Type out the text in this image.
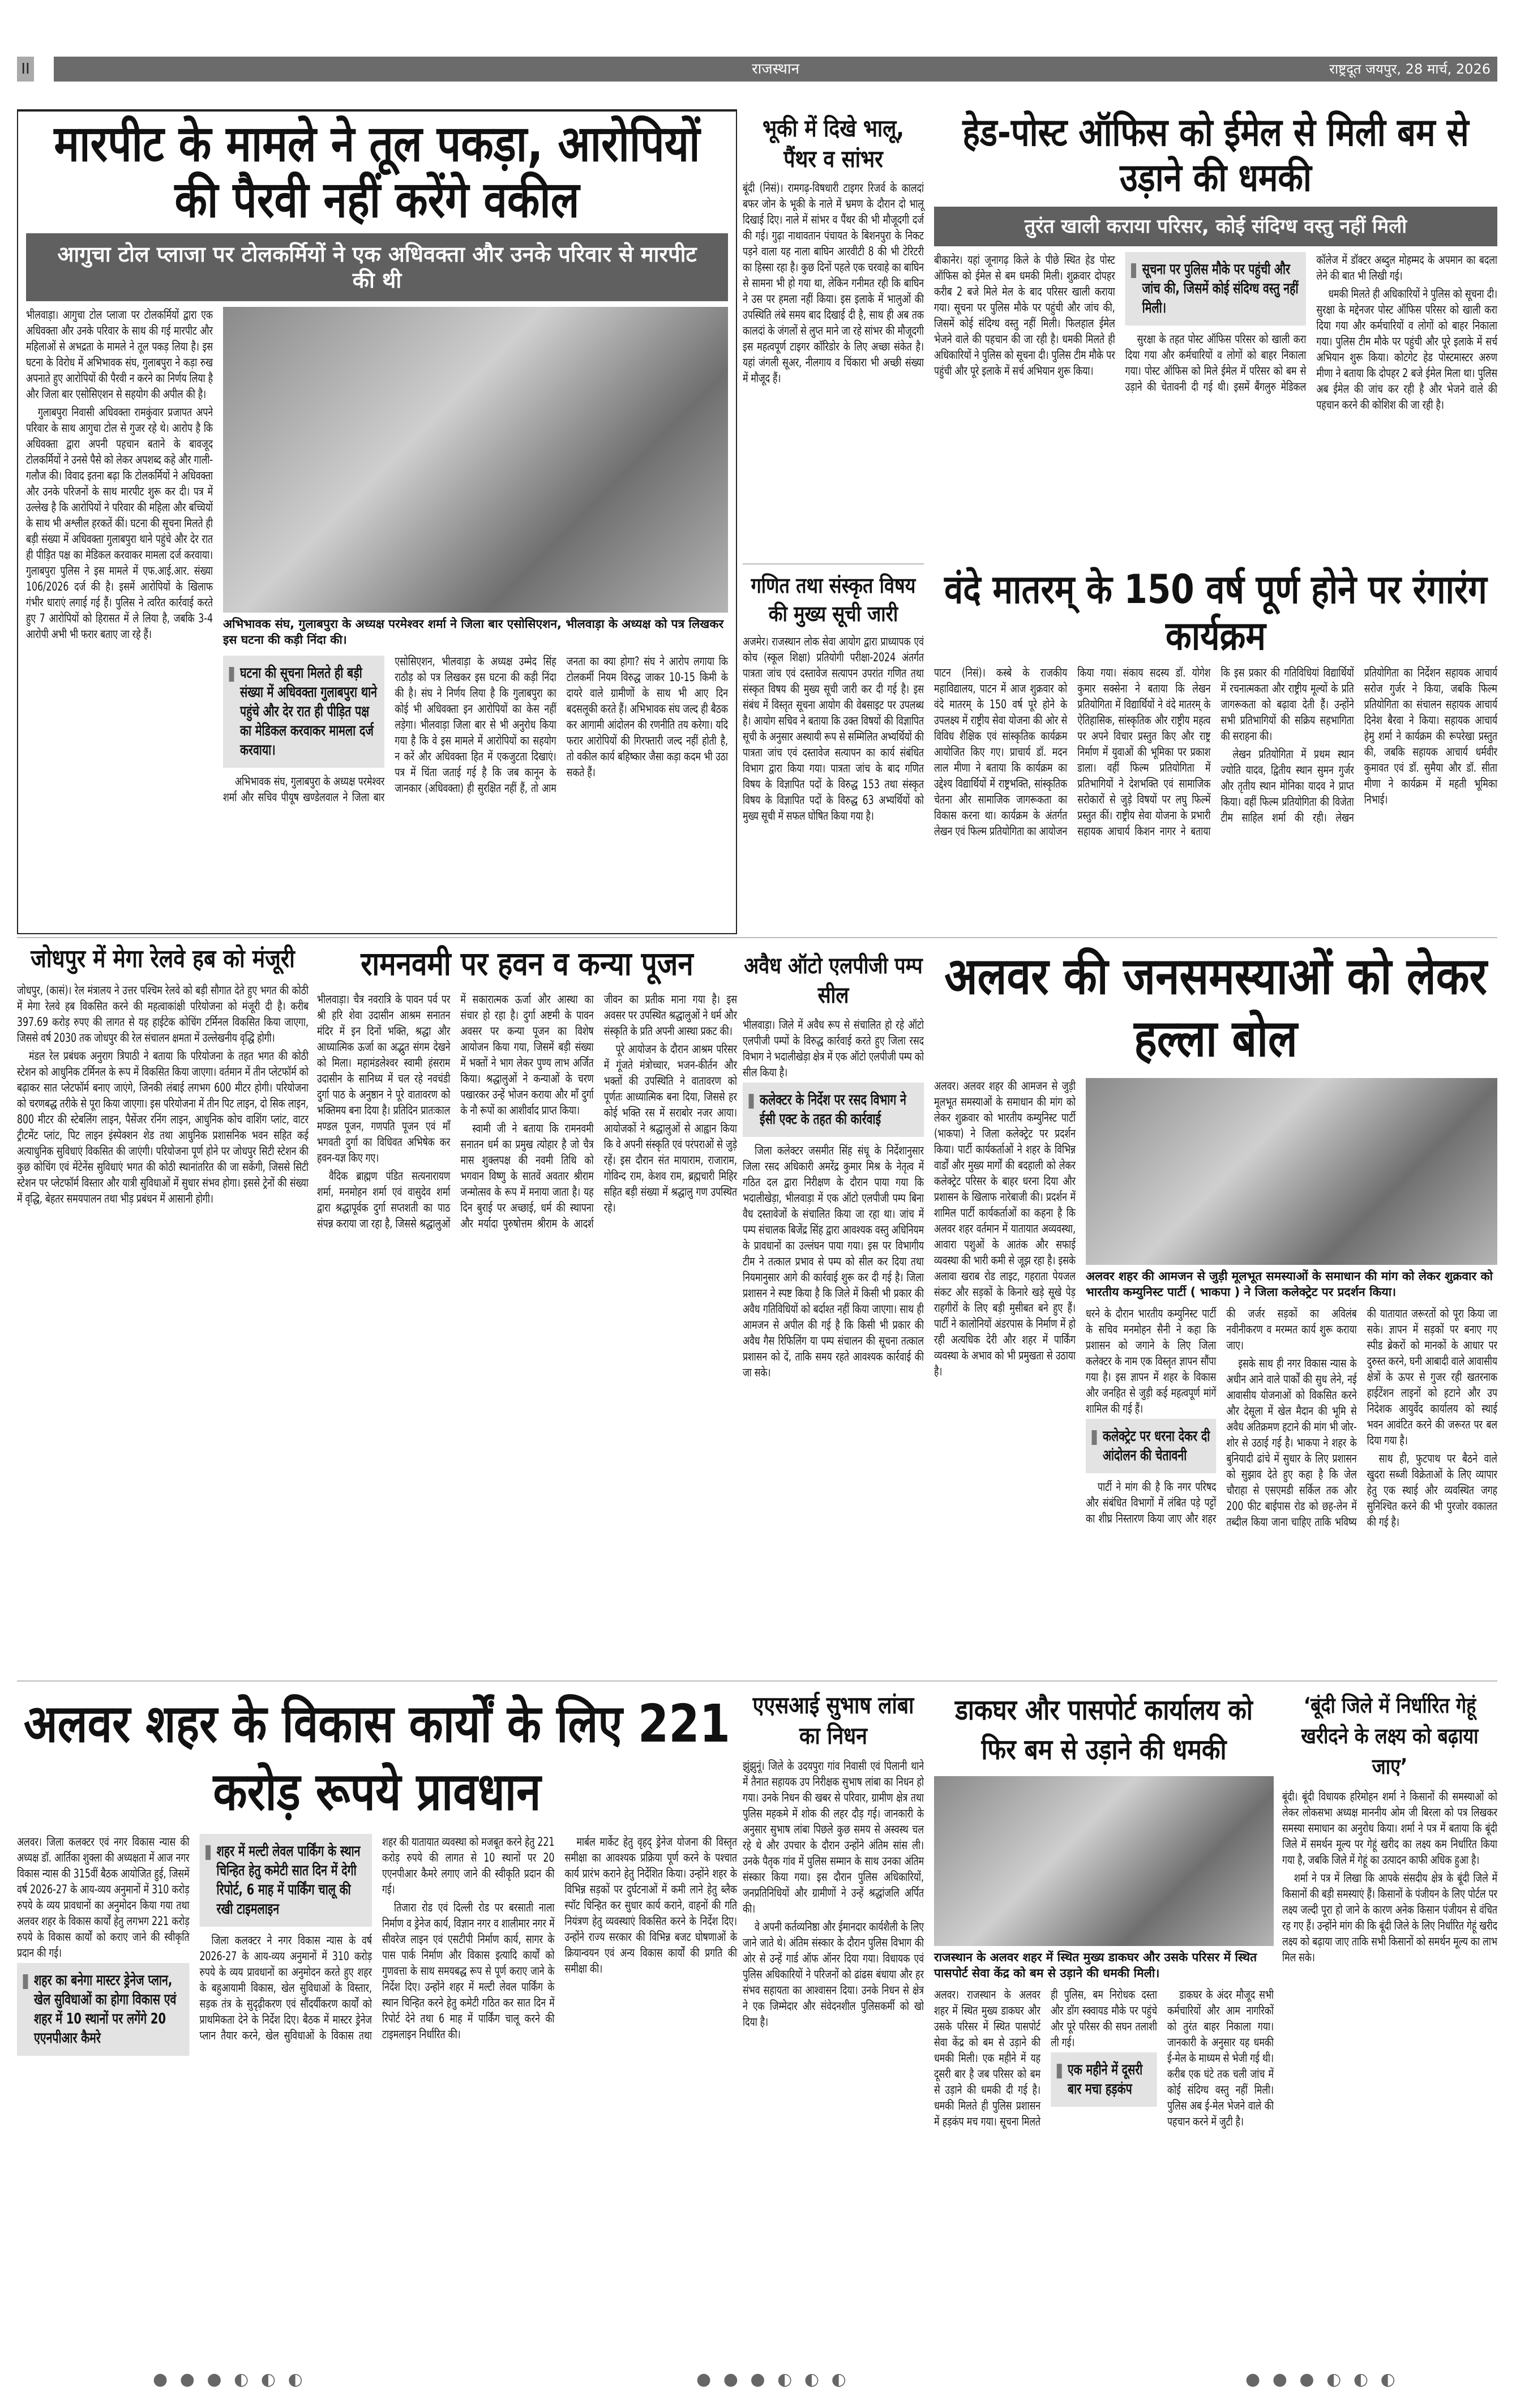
II	राजस्थान	राष्ट्रदूत जयपुर, 28 मार्च, 2026
मारपीट के मामले ने तूल पकड़ा, आरोपियों की पैरवी नहीं करेंगे वकील
आगुचा टोल प्लाजा पर टोलकर्मियों ने एक अधिवक्ता और उनके परिवार से मारपीट की थी

भीलवाड़ा। आगुचा टोल प्लाजा पर टोलकर्मियों द्वारा एक अधिवक्ता और उनके परिवार के साथ की गई मारपीट और महिलाओं से अभद्रता के मामले ने तूल पकड़ लिया है। इस घटना के विरोध में अभिभावक संघ, गुलाबपुरा ने कड़ा रुख अपनाते हुए आरोपियों की पैरवी न करने का निर्णय लिया है और जिला बार एसोसिएशन से सहयोग की अपील की है।

गुलाबपुरा निवासी अधिवक्ता रामकुंवार प्रजापत अपने परिवार के साथ आगुचा टोल से गुजर रहे थे। आरोप है कि अधिवक्ता द्वारा अपनी पहचान बताने के बावजूद टोलकर्मियों ने उनसे पैसे को लेकर अपशब्द कहे और गाली-गलौज की। विवाद इतना बढ़ा कि टोलकर्मियों ने अधिवक्ता और उनके परिजनों के साथ मारपीट शुरू कर दी। पत्र में उल्लेख है कि आरोपियों ने परिवार की महिला और बच्चियों के साथ भी अश्लील हरकतें कीं। घटना की सूचना मिलते ही बड़ी संख्या में अधिवक्ता गुलाबपुरा थाने पहुंचे और देर रात ही पीड़ित पक्ष का मेडिकल करवाकर मामला दर्ज करवाया। गुलाबपुरा पुलिस ने इस मामले में एफ.आई.आर. संख्या 106/2026 दर्ज की है। इसमें आरोपियों के खिलाफ गंभीर धाराएं लगाई गई हैं। पुलिस ने त्वरित कार्रवाई करते हुए 7 आरोपियों को हिरासत में ले लिया है, जबकि 3-4 आरोपी अभी भी फरार बताए जा रहे हैं।

अभिभावक संघ, गुलाबपुरा के अध्यक्ष परमेश्वर शर्मा ने जिला बार एसोसिएशन, भीलवाड़ा के अध्यक्ष को पत्र लिखकर इस घटना की कड़ी निंदा की।
घटना की सूचना मिलते ही बड़ी संख्या में अधिवक्ता गुलाबपुरा थाने पहुंचे और देर रात ही पीड़ित पक्ष का मेडिकल करवाकर मामला दर्ज करवाया।

अभिभावक संघ, गुलाबपुरा के अध्यक्ष परमेश्वर शर्मा और सचिव पीयूष खण्डेलवाल ने जिला बार एसोसिएशन, भीलवाड़ा के अध्यक्ष उम्मेद सिंह राठौड़ को पत्र लिखकर इस घटना की कड़ी निंदा की है। संघ ने निर्णय लिया है कि गुलाबपुरा का कोई भी अधिवक्ता इन आरोपियों का केस नहीं लड़ेगा। भीलवाड़ा जिला बार से भी अनुरोध किया गया है कि वे इस मामले में आरोपियों का सहयोग न करें और अधिवक्ता हित में एकजुटता दिखाएं। पत्र में चिंता जताई गई है कि जब कानून के जानकार (अधिवक्ता) ही सुरक्षित नहीं हैं, तो आम जनता का क्या होगा? संघ ने आरोप लगाया कि टोलकर्मी नियम विरुद्ध जाकर 10-15 किमी के दायरे वाले ग्रामीणों के साथ भी आए दिन बदसलूकी करते हैं। अभिभावक संघ जल्द ही बैठक कर आगामी आंदोलन की रणनीति तय करेगा। यदि फरार आरोपियों की गिरफ्तारी जल्द नहीं होती है, तो वकील कार्य बहिष्कार जैसा कड़ा कदम भी उठा सकते हैं।

भूकी में दिखे भालू, पैंथर व सांभर

बूंदी (निसं)। रामगढ़-विषधारी टाइगर रिजर्व के कालदां बफर जोन के भूकी के नाले में भ्रमण के दौरान दो भालू दिखाई दिए। नाले में सांभर व पैंथर की भी मौजूदगी दर्ज की गई। गुढ़ा नाथावतान पंचायत के बिशनपुरा के निकट पड़ने वाला यह नाला बाघिन आरवीटी 8 की भी टेरिटरी का हिस्सा रहा है। कुछ दिनों पहले एक चरवाहे का बाघिन से सामना भी हो गया था, लेकिन गनीमत रही कि बाघिन ने उस पर हमला नहीं किया। इस इलाके में भालुओं की उपस्थिति लंबे समय बाद दिखाई दी है, साथ ही अब तक कालदां के जंगलों से लुप्त माने जा रहे सांभर की मौजूदगी इस महत्वपूर्ण टाइगर कॉरिडोर के लिए अच्छा संकेत है। यहां जंगली सूअर, नीलगाय व चिंकारा भी अच्छी संख्या में मौजूद हैं।

हेड-पोस्ट ऑफिस को ईमेल से मिली बम से उड़ाने की धमकी
तुरंत खाली कराया परिसर, कोई संदिग्ध वस्तु नहीं मिली

बीकानेर। यहां जूनागढ़ किले के पीछे स्थित हेड पोस्ट ऑफिस को ईमेल से बम धमकी मिली। शुक्रवार दोपहर करीब 2 बजे मिले मेल के बाद परिसर खाली कराया गया। सूचना पर पुलिस मौके पर पहुंची और जांच की, जिसमें कोई संदिग्ध वस्तु नहीं मिली। फिलहाल ईमेल भेजने वाले की पहचान की जा रही है। धमकी मिलते ही अधिकारियों ने पुलिस को सूचना दी। पुलिस टीम मौके पर पहुंची और पूरे इलाके में सर्च अभियान शुरू किया।

सूचना पर पुलिस मौके पर पहुंची और जांच की, जिसमें कोई संदिग्ध वस्तु नहीं मिली।

सुरक्षा के तहत पोस्ट ऑफिस परिसर को खाली करा दिया गया और कर्मचारियों व लोगों को बाहर निकाला गया। पोस्ट ऑफिस को मिले ईमेल में परिसर को बम से उड़ाने की चेतावनी दी गई थी। इसमें बैंगलुरु मेडिकल कॉलेज में डॉक्टर अब्दुल मोहम्मद के अपमान का बदला लेने की बात भी लिखी गई।

धमकी मिलते ही अधिकारियों ने पुलिस को सूचना दी। सुरक्षा के मद्देनजर पोस्ट ऑफिस परिसर को खाली करा दिया गया और कर्मचारियों व लोगों को बाहर निकाला गया। पुलिस टीम मौके पर पहुंची और पूरे इलाके में सर्च अभियान शुरू किया। कोटगेट हेड पोस्टमास्टर अरुण मीणा ने बताया कि दोपहर 2 बजे ईमेल मिला था। पुलिस अब ईमेल की जांच कर रही है और भेजने वाले की पहचान करने की कोशिश की जा रही है।

गणित तथा संस्कृत विषय की मुख्य सूची जारी

अजमेर। राजस्थान लोक सेवा आयोग द्वारा प्राध्यापक एवं कोच (स्कूल शिक्षा) प्रतियोगी परीक्षा-2024 अंतर्गत पात्रता जांच एवं दस्तावेज सत्यापन उपरांत गणित तथा संस्कृत विषय की मुख्य सूची जारी कर दी गई है। इस संबंध में विस्तृत सूचना आयोग की वेबसाइट पर उपलब्ध है। आयोग सचिव ने बताया कि उक्त विषयों की विज्ञापित सूची के अनुसार अस्थायी रूप से सम्मिलित अभ्यर्थियों की पात्रता जांच एवं दस्तावेज सत्यापन का कार्य संबंधित विभाग द्वारा किया गया। पात्रता जांच के बाद गणित विषय के विज्ञापित पदों के विरुद्ध 153 तथा संस्कृत विषय के विज्ञापित पदों के विरुद्ध 63 अभ्यर्थियों को मुख्य सूची में सफल घोषित किया गया है।

वंदे मातरम् के 150 वर्ष पूर्ण होने पर रंगारंग कार्यक्रम

पाटन (निसं)। कस्बे के राजकीय महाविद्यालय, पाटन में आज शुक्रवार को वंदे मातरम् के 150 वर्ष पूरे होने के उपलक्ष्य में राष्ट्रीय सेवा योजना की ओर से विविध शैक्षिक एवं सांस्कृतिक कार्यक्रम आयोजित किए गए। प्राचार्य डॉ. मदन लाल मीणा ने बताया कि कार्यक्रम का उद्देश्य विद्यार्थियों में राष्ट्रभक्ति, सांस्कृतिक चेतना और सामाजिक जागरूकता का विकास करना था। कार्यक्रम के अंतर्गत लेखन एवं फिल्म प्रतियोगिता का आयोजन किया गया। संकाय सदस्य डॉ. योगेश कुमार सक्सेना ने बताया कि लेखन प्रतियोगिता में विद्यार्थियों ने वंदे मातरम् के ऐतिहासिक, सांस्कृतिक और राष्ट्रीय महत्व पर अपने विचार प्रस्तुत किए और राष्ट्र निर्माण में युवाओं की भूमिका पर प्रकाश डाला। वहीं फिल्म प्रतियोगिता में प्रतिभागियों ने देशभक्ति एवं सामाजिक सरोकारों से जुड़े विषयों पर लघु फिल्में प्रस्तुत कीं। राष्ट्रीय सेवा योजना के प्रभारी सहायक आचार्य किशन नागर ने बताया कि इस प्रकार की गतिविधियां विद्यार्थियों में रचनात्मकता और राष्ट्रीय मूल्यों के प्रति जागरूकता को बढ़ावा देती हैं। उन्होंने सभी प्रतिभागियों की सक्रिय सहभागिता की सराहना की।

लेखन प्रतियोगिता में प्रथम स्थान ज्योति यादव, द्वितीय स्थान सुमन गुर्जर और तृतीय स्थान मोनिका यादव ने प्राप्त किया। वहीं फिल्म प्रतियोगिता की विजेता टीम साहिल शर्मा की रही। लेखन प्रतियोगिता का निर्देशन सहायक आचार्य सरोज गुर्जर ने किया, जबकि फिल्म प्रतियोगिता का संचालन सहायक आचार्य दिनेश बैरवा ने किया। सहायक आचार्य हेमु शर्मा ने कार्यक्रम की रूपरेखा प्रस्तुत की, जबकि सहायक आचार्य धर्मवीर कुमावत एवं डॉ. सुमैया और डॉ. सीता मीणा ने कार्यक्रम में महती भूमिका निभाई।

जोधपुर में मेगा रेलवे हब को मंजूरी

जोधपुर, (कासं)। रेल मंत्रालय ने उत्तर पश्चिम रेलवे को बड़ी सौगात देते हुए भगत की कोठी में मेगा रेलवे हब विकसित करने की महत्वाकांक्षी परियोजना को मंजूरी दी है। करीब 397.69 करोड़ रुपए की लागत से यह हाईटेक कोचिंग टर्मिनल विकसित किया जाएगा, जिससे वर्ष 2030 तक जोधपुर की रेल संचालन क्षमता में उल्लेखनीय वृद्धि होगी।

मंडल रेल प्रबंधक अनुराग त्रिपाठी ने बताया कि परियोजना के तहत भगत की कोठी स्टेशन को आधुनिक टर्मिनल के रूप में विकसित किया जाएगा। वर्तमान में तीन प्लेटफॉर्म को बढ़ाकर सात प्लेटफॉर्म बनाए जाएंगे, जिनकी लंबाई लगभग 600 मीटर होगी। परियोजना को चरणबद्ध तरीके से पूरा किया जाएगा। इस परियोजना में तीन पिट लाइन, दो सिक लाइन, 800 मीटर की स्टेबलिंग लाइन, पैसेंजर रनिंग लाइन, आधुनिक कोच वाशिंग प्लांट, वाटर ट्रीटमेंट प्लांट, पिट लाइन इंस्पेक्शन शेड तथा आधुनिक प्रशासनिक भवन सहित कई अत्याधुनिक सुविधाएं विकसित की जाएंगी। परियोजना पूर्ण होने पर जोधपुर सिटी स्टेशन की कुछ कोचिंग एवं मेंटेनेंस सुविधाएं भगत की कोठी स्थानांतरित की जा सकेंगी, जिससे सिटी स्टेशन पर प्लेटफॉर्म विस्तार और यात्री सुविधाओं में सुधार संभव होगा। इससे ट्रेनों की संख्या में वृद्धि, बेहतर समयपालन तथा भीड़ प्रबंधन में आसानी होगी।

रामनवमी पर हवन व कन्या पूजन

भीलवाड़ा। चैत्र नवरात्रि के पावन पर्व पर श्री हरि शेवा उदासीन आश्रम सनातन मंदिर में इन दिनों भक्ति, श्रद्धा और आध्यात्मिक ऊर्जा का अद्भुत संगम देखने को मिला। महामंडलेश्वर स्वामी हंसराम उदासीन के सानिध्य में चल रहे नवचंडी दुर्गा पाठ के अनुष्ठान ने पूरे वातावरण को भक्तिमय बना दिया है। प्रतिदिन प्रातःकाल मण्डल पूजन, गणपति पूजन एवं माँ भगवती दुर्गा का विधिवत अभिषेक कर हवन-यज्ञ किए गए।

वैदिक ब्राह्मण पंडित सत्यनारायण शर्मा, मनमोहन शर्मा एवं वासुदेव शर्मा द्वारा श्रद्धापूर्वक दुर्गा सप्तशती का पाठ संपन्न कराया जा रहा है, जिससे श्रद्धालुओं में सकारात्मक ऊर्जा और आस्था का संचार हो रहा है। दुर्गा अष्टमी के पावन अवसर पर कन्या पूजन का विशेष आयोजन किया गया, जिसमें बड़ी संख्या में भक्तों ने भाग लेकर पुण्य लाभ अर्जित किया। श्रद्धालुओं ने कन्याओं के चरण पखारकर उन्हें भोजन कराया और माँ दुर्गा के नौ रूपों का आशीर्वाद प्राप्त किया।

स्वामी जी ने बताया कि रामनवमी सनातन धर्म का प्रमुख त्योहार है जो चैत्र मास शुक्लपक्ष की नवमी तिथि को भगवान विष्णु के सातवें अवतार श्रीराम जन्मोत्सव के रूप में मनाया जाता है। यह दिन बुराई पर अच्छाई, धर्म की स्थापना और मर्यादा पुरुषोत्तम श्रीराम के आदर्श जीवन का प्रतीक माना गया है। इस अवसर पर उपस्थित श्रद्धालुओं ने धर्म और संस्कृति के प्रति अपनी आस्था प्रकट की।

पूरे आयोजन के दौरान आश्रम परिसर में गूंजते मंत्रोच्चार, भजन-कीर्तन और भक्तों की उपस्थिति ने वातावरण को पूर्णतः आध्यात्मिक बना दिया, जिससे हर कोई भक्ति रस में सराबोर नजर आया। आयोजकों ने श्रद्धालुओं से आह्वान किया कि वे अपनी संस्कृति एवं परंपराओं से जुड़े रहें। इस दौरान संत मायाराम, राजाराम, गोविन्द राम, केशव राम, ब्रह्मचारी मिहिर सहित बड़ी संख्या में श्रद्धालु गण उपस्थित रहे।

अवैध ऑटो एलपीजी पम्प सील

भीलवाड़ा। जिले में अवैध रूप से संचालित हो रहे ऑटो एलपीजी पम्पों के विरुद्ध कार्रवाई करते हुए जिला रसद विभाग ने भदालीखेड़ा क्षेत्र में एक ऑटो एलपीजी पम्प को सील किया है।

कलेक्टर के निर्देश पर रसद विभाग ने ईसी एक्ट के तहत की कार्रवाई

जिला कलेक्टर जसमीत सिंह संधू के निर्देशानुसार जिला रसद अधिकारी अमरेंद्र कुमार मिश्र के नेतृत्व में गठित दल द्वारा निरीक्षण के दौरान पाया गया कि भदालीखेड़ा, भीलवाड़ा में एक ऑटो एलपीजी पम्प बिना वैध दस्तावेजों के संचालित किया जा रहा था। जांच में पम्प संचालक बिजेंद्र सिंह द्वारा आवश्यक वस्तु अधिनियम के प्रावधानों का उल्लंघन पाया गया। इस पर विभागीय टीम ने तत्काल प्रभाव से पम्प को सील कर दिया तथा नियमानुसार आगे की कार्रवाई शुरू कर दी गई है। जिला प्रशासन ने स्पष्ट किया है कि जिले में किसी भी प्रकार की अवैध गतिविधियों को बर्दाश्त नहीं किया जाएगा। साथ ही आमजन से अपील की गई है कि किसी भी प्रकार की अवैध गैस रिफिलिंग या पम्प संचालन की सूचना तत्काल प्रशासन को दें, ताकि समय रहते आवश्यक कार्रवाई की जा सके।

अलवर की जनसमस्याओं को लेकर हल्ला बोल

अलवर। अलवर शहर की आमजन से जुड़ी मूलभूत समस्याओं के समाधान की मांग को लेकर शुक्रवार को भारतीय कम्युनिस्ट पार्टी (भाकपा) ने जिला कलेक्ट्रेट पर प्रदर्शन किया। पार्टी कार्यकर्ताओं ने शहर के विभिन्न वार्डों और मुख्य मार्गों की बदहाली को लेकर कलेक्ट्रेट परिसर के बाहर धरना दिया और प्रशासन के खिलाफ नारेबाजी की। प्रदर्शन में शामिल पार्टी कार्यकर्ताओं का कहना है कि अलवर शहर वर्तमान में यातायात अव्यवस्था, आवारा पशुओं के आतंक और सफाई व्यवस्था की भारी कमी से जूझ रहा है। इसके अलावा खराब रोड लाइट, गहराता पेयजल संकट और सड़कों के किनारे खड़े सूखे पेड़ राहगीरों के लिए बड़ी मुसीबत बने हुए हैं। पार्टी ने कालोनियों अंडरपास के निर्माण में हो रही अत्यधिक देरी और शहर में पार्किंग व्यवस्था के अभाव को भी प्रमुखता से उठाया है।

अलवर शहर की आमजन से जुड़ी मूलभूत समस्याओं के समाधान की मांग को लेकर शुक्रवार को भारतीय कम्युनिस्ट पार्टी ( भाकपा ) ने जिला कलेक्ट्रेट पर प्रदर्शन किया।

धरने के दौरान भारतीय कम्युनिस्ट पार्टी के सचिव मनमोहन सैनी ने कहा कि प्रशासन को जगाने के लिए जिला कलेक्टर के नाम एक विस्तृत ज्ञापन सौंपा गया है। इस ज्ञापन में शहर के विकास और जनहित से जुड़ी कई महत्वपूर्ण मांगें शामिल की गई हैं।

कलेक्ट्रेट पर धरना देकर दी आंदोलन की चेतावनी

पार्टी ने मांग की है कि नगर परिषद और संबंधित विभागों में लंबित पड़े पट्टों का शीघ्र निस्तारण किया जाए और शहर की जर्जर सड़कों का अविलंब नवीनीकरण व मरम्मत कार्य शुरू कराया जाए।

इसके साथ ही नगर विकास न्यास के अधीन आने वाले पार्कों की सुध लेने, नई आवासीय योजनाओं को विकसित करने और देसूला में खेल मैदान की भूमि से अवैध अतिक्रमण हटाने की मांग भी जोर-शोर से उठाई गई है। भाकपा ने शहर के बुनियादी ढांचे में सुधार के लिए प्रशासन को सुझाव देते हुए कहा है कि जेल चौराहा से एसएमडी सर्किल तक और 200 फीट बाईपास रोड को छह-लेन में तब्दील किया जाना चाहिए ताकि भविष्य की यातायात जरूरतों को पूरा किया जा सके। ज्ञापन में सड़कों पर बनाए गए स्पीड ब्रेकरों को मानकों के आधार पर दुरुस्त करने, घनी आबादी वाले आवासीय क्षेत्रों के ऊपर से गुजर रही खतरनाक हाईटेंशन लाइनों को हटाने और उप निदेशक आयुर्वेद कार्यालय को स्थाई भवन आवंटित करने की जरूरत पर बल दिया गया है।

साथ ही, फुटपाथ पर बैठने वाले खुदरा सब्जी विक्रेताओं के लिए व्यापार हेतु एक स्थाई और व्यवस्थित जगह सुनिश्चित करने की भी पुरजोर वकालत की गई है।

अलवर शहर के विकास कार्यों के लिए 221 करोड़ रूपये प्रावधान

अलवर। जिला कलक्टर एवं नगर विकास न्यास की अध्यक्ष डॉ. आर्तिका शुक्ला की अध्यक्षता में आज नगर विकास न्यास की 315वीं बैठक आयोजित हुई, जिसमें वर्ष 2026-27 के आय-व्यय अनुमानों में 310 करोड़ रुपये के व्यय प्रावधानों का अनुमोदन किया गया तथा अलवर शहर के विकास कार्यों हेतु लगभग 221 करोड़ रुपये के विकास कार्यों को कराए जाने की स्वीकृति प्रदान की गई।

शहर का बनेगा मास्टर ड्रेनेज प्लान, खेल सुविधाओं का होगा विकास एवं शहर में 10 स्थानों पर लगेंगे 20 एएनपीआर कैमरे
शहर में मल्टी लेवल पार्किंग के स्थान चिन्हित हेतु कमेटी सात दिन में देगी रिपोर्ट, 6 माह में पार्किंग चालू की रखी टाइमलाइन

जिला कलक्टर ने नगर विकास न्यास के वर्ष 2026-27 के आय-व्यय अनुमानों में 310 करोड़ रुपये के व्यय प्रावधानों का अनुमोदन करते हुए शहर के बहुआयामी विकास, खेल सुविधाओं के विस्तार, सड़क तंत्र के सुदृढ़ीकरण एवं सौंदर्यीकरण कार्यों को प्राथमिकता देने के निर्देश दिए। बैठक में मास्टर ड्रेनेज प्लान तैयार करने, खेल सुविधाओं के विकास तथा शहर की यातायात व्यवस्था को मजबूत करने हेतु 221 करोड़ रुपये की लागत से 10 स्थानों पर 20 एएनपीआर कैमरे लगाए जाने की स्वीकृति प्रदान की गई।

तिजारा रोड एवं दिल्ली रोड पर बरसाती नाला निर्माण व ड्रेनेज कार्य, विज्ञान नगर व शालीमार नगर में सीवरेज लाइन एवं एसटीपी निर्माण कार्य, सागर के पास पार्क निर्माण और विकास इत्यादि कार्यों को गुणवत्ता के साथ समयबद्ध रूप से पूर्ण कराए जाने के निर्देश दिए। उन्होंने शहर में मल्टी लेवल पार्किंग के स्थान चिन्हित करने हेतु कमेटी गठित कर सात दिन में रिपोर्ट देने तथा 6 माह में पार्किंग चालू करने की टाइमलाइन निर्धारित की।

मार्बल मार्केट हेतु वृहद् ड्रेनेज योजना की विस्तृत समीक्षा का आवश्यक प्रक्रिया पूर्ण करने के पश्चात कार्य प्रारंभ कराने हेतु निर्देशित किया। उन्होंने शहर के विभिन्न सड़कों पर दुर्घटनाओं में कमी लाने हेतु ब्लैक स्पॉट चिन्हित कर सुधार कार्य कराने, वाहनों की गति नियंत्रण हेतु व्यवस्थाएं विकसित करने के निर्देश दिए। उन्होंने राज्य सरकार की विभिन्न बजट घोषणाओं के क्रियान्वयन एवं अन्य विकास कार्यों की प्रगति की समीक्षा की।

एएसआई सुभाष लांबा का निधन

झुंझुनूं। जिले के उदयपुरा गांव निवासी एवं पिलानी थाने में तैनात सहायक उप निरीक्षक सुभाष लांबा का निधन हो गया। उनके निधन की खबर से परिवार, ग्रामीण क्षेत्र तथा पुलिस महकमे में शोक की लहर दौड़ गई। जानकारी के अनुसार सुभाष लांबा पिछले कुछ समय से अस्वस्थ चल रहे थे और उपचार के दौरान उन्होंने अंतिम सांस ली। उनके पैतृक गांव में पुलिस सम्मान के साथ उनका अंतिम संस्कार किया गया। इस दौरान पुलिस अधिकारियों, जनप्रतिनिधियों और ग्रामीणों ने उन्हें श्रद्धांजलि अर्पित की।

वे अपनी कर्तव्यनिष्ठा और ईमानदार कार्यशैली के लिए जाने जाते थे। अंतिम संस्कार के दौरान पुलिस विभाग की ओर से उन्हें गार्ड ऑफ ऑनर दिया गया। विधायक एवं पुलिस अधिकारियों ने परिजनों को ढांढस बंधाया और हर संभव सहायता का आश्वासन दिया। उनके निधन से क्षेत्र ने एक जिम्मेदार और संवेदनशील पुलिसकर्मी को खो दिया है।

डाकघर और पासपोर्ट कार्यालय को फिर बम से उड़ाने की धमकी
राजस्थान के अलवर शहर में स्थित मुख्य डाकघर और उसके परिसर में स्थित पासपोर्ट सेवा केंद्र को बम से उड़ाने की धमकी मिली।

अलवर। राजस्थान के अलवर शहर में स्थित मुख्य डाकघर और उसके परिसर में स्थित पासपोर्ट सेवा केंद्र को बम से उड़ाने की धमकी मिली। एक महीने में यह दूसरी बार है जब परिसर को बम से उड़ाने की धमकी दी गई है। धमकी मिलते ही पुलिस प्रशासन में हड़कंप मच गया। सूचना मिलते ही पुलिस, बम निरोधक दस्ता और डॉग स्क्वायड मौके पर पहुंचे और पूरे परिसर की सघन तलाशी ली गई।

एक महीने में दूसरी बार मचा हड़कंप

डाकघर के अंदर मौजूद सभी कर्मचारियों और आम नागरिकों को तुरंत बाहर निकाला गया। जानकारी के अनुसार यह धमकी ई-मेल के माध्यम से भेजी गई थी। करीब एक घंटे तक चली जांच में कोई संदिग्ध वस्तु नहीं मिली। पुलिस अब ई-मेल भेजने वाले की पहचान करने में जुटी है।

‘बूंदी जिले में निर्धारित गेहूं खरीदने के लक्ष्य को बढ़ाया जाए’

बूंदी। बूंदी विधायक हरिमोहन शर्मा ने किसानों की समस्याओं को लेकर लोकसभा अध्यक्ष माननीय ओम जी बिरला को पत्र लिखकर समस्या समाधान का अनुरोध किया। शर्मा ने पत्र में बताया कि बूंदी जिले में समर्थन मूल्य पर गेहूं खरीद का लक्ष्य कम निर्धारित किया गया है, जबकि जिले में गेहूं का उत्पादन काफी अधिक हुआ है।

शर्मा ने पत्र में लिखा कि आपके संसदीय क्षेत्र के बूंदी जिले में किसानों की बड़ी समस्याएं हैं। किसानों के पंजीयन के लिए पोर्टल पर लक्ष्य जल्दी पूरा हो जाने के कारण अनेक किसान पंजीयन से वंचित रह गए हैं। उन्होंने मांग की कि बूंदी जिले के लिए निर्धारित गेहूं खरीद लक्ष्य को बढ़ाया जाए ताकि सभी किसानों को समर्थन मूल्य का लाभ मिल सके।

● ● ● ◐ ◐ ◐	● ● ● ◐ ◐ ◐	● ● ● ◐ ◐ ◐
